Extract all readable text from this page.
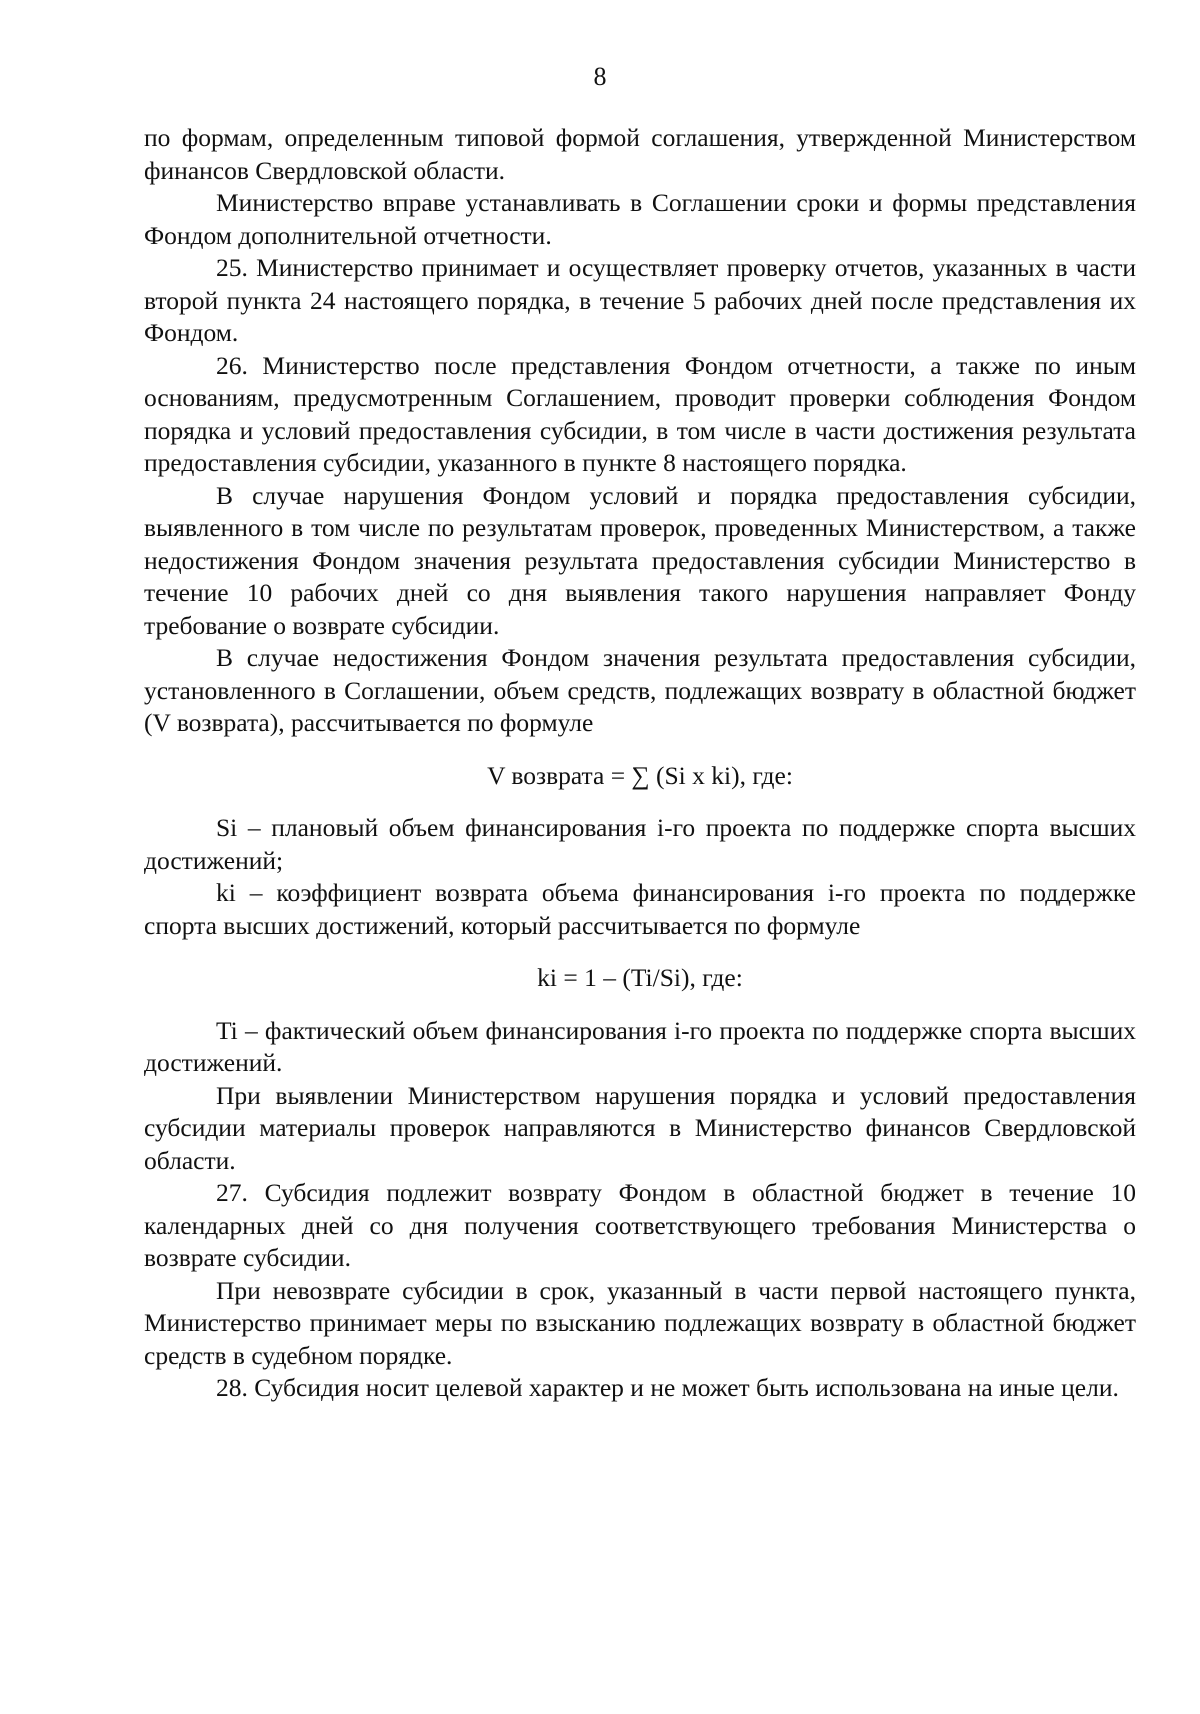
8

по формам, определенным типовой формой соглашения, утвержденной Министерством финансов Свердловской области.

Министерство вправе устанавливать в Соглашении сроки и формы представления Фондом дополнительной отчетности.

25. Министерство принимает и осуществляет проверку отчетов, указанных в части второй пункта 24 настоящего порядка, в течение 5 рабочих дней после представления их Фондом.

26. Министерство после представления Фондом отчетности, а также по иным основаниям, предусмотренным Соглашением, проводит проверки соблюдения Фондом порядка и условий предоставления субсидии, в том числе в части достижения результата предоставления субсидии, указанного в пункте 8 настоящего порядка.

В случае нарушения Фондом условий и порядка предоставления субсидии, выявленного в том числе по результатам проверок, проведенных Министерством, а также недостижения Фондом значения результата предоставления субсидии Министерство в течение 10 рабочих дней со дня выявления такого нарушения направляет Фонду требование о возврате субсидии.

В случае недостижения Фондом значения результата предоставления субсидии, установленного в Соглашении, объем средств, подлежащих возврату в областной бюджет (V возврата), рассчитывается по формуле

V возврата = ∑ (Si x ki), где:

Si – плановый объем финансирования i-го проекта по поддержке спорта высших достижений;

ki – коэффициент возврата объема финансирования i-го проекта по поддержке спорта высших достижений, который рассчитывается по формуле

ki = 1 – (Ti/Si), где:

Ti – фактический объем финансирования i-го проекта по поддержке спорта высших достижений.

При выявлении Министерством нарушения порядка и условий предоставления субсидии материалы проверок направляются в Министерство финансов Свердловской области.

27. Субсидия подлежит возврату Фондом в областной бюджет в течение 10 календарных дней со дня получения соответствующего требования Министерства о возврате субсидии.

При невозврате субсидии в срок, указанный в части первой настоящего пункта, Министерство принимает меры по взысканию подлежащих возврату в областной бюджет средств в судебном порядке.

28. Субсидия носит целевой характер и не может быть использована на иные цели.
